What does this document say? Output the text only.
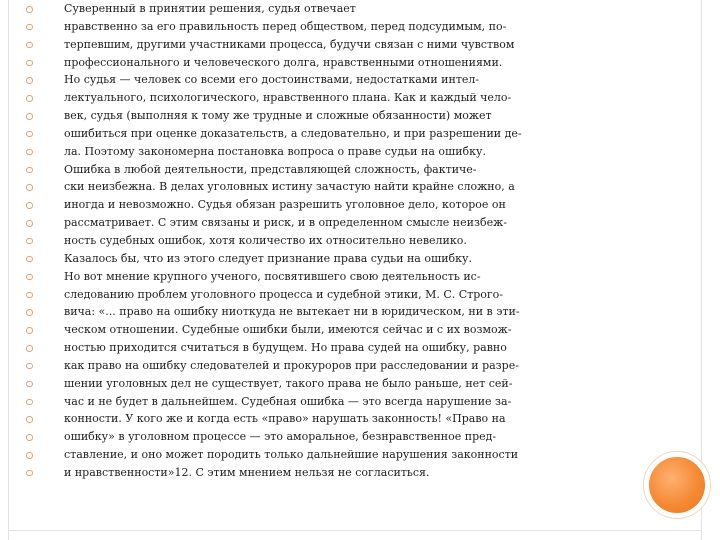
Суверенный в принятии решения, судья отвечает
нравственно за его правильность перед обществом, перед подсудимым, по-
терпевшим, другими участниками процесса, будучи связан с ними чувством
профессионального и человеческого долга, нравственными отношениями.
Но судья — человек со всеми его достоинствами, недостатками интел-
лектуального, психологического, нравственного плана. Как и каждый чело-
век, судья (выполняя к тому же трудные и сложные обязанности) может
ошибиться при оценке доказательств, а следовательно, и при разрешении де-
ла. Поэтому закономерна постановка вопроса о праве судьи на ошибку.
Ошибка в любой деятельности, представляющей сложность, фактиче-
ски неизбежна. В делах уголовных истину зачастую найти крайне сложно, а
иногда и невозможно. Судья обязан разрешить уголовное дело, которое он
рассматривает. С этим связаны и риск, и в определенном смысле неизбеж-
ность судебных ошибок, хотя количество их относительно невелико.
Казалось бы, что из этого следует признание права судьи на ошибку.
Но вот мнение крупного ученого, посвятившего свою деятельность ис-
следованию проблем уголовного процесса и судебной этики, М. С. Строго-
вича: «... право на ошибку ниоткуда не вытекает ни в юридическом, ни в эти-
ческом отношении. Судебные ошибки были, имеются сейчас и с их возмож-
ностью приходится считаться в будущем. Но права судей на ошибку, равно
как право на ошибку следователей и прокуроров при расследовании и разре-
шении уголовных дел не существует, такого права не было раньше, нет сей-
час и не будет в дальнейшем. Судебная ошибка — это всегда нарушение за-
конности. У кого же и когда есть «право» нарушать законность! «Право на
ошибку» в уголовном процессе — это аморальное, безнравственное пред-
ставление, и оно может породить только дальнейшие нарушения законности
и нравственности»12. С этим мнением нельзя не согласиться.
